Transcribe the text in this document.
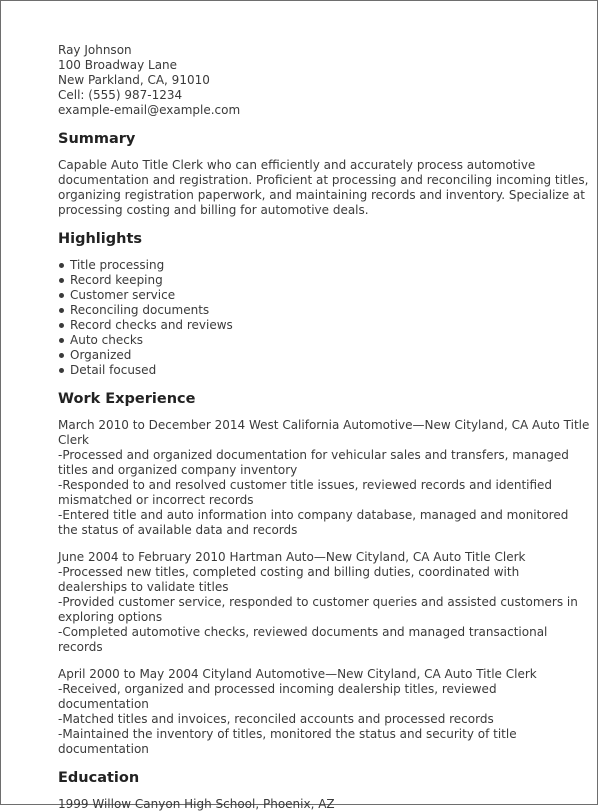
Ray Johnson
100 Broadway Lane
New Parkland, CA, 91010
Cell: (555) 987-1234
example-email@example.com
Summary
Capable Auto Title Clerk who can efficiently and accurately process automotive documentation and registration. Proficient at processing and reconciling incoming titles, organizing registration paperwork, and maintaining records and inventory. Specialize at processing costing and billing for automotive deals.
Highlights
Title processing
Record keeping
Customer service
Reconciling documents
Record checks and reviews
Auto checks
Organized
Detail focused
Work Experience
March 2010 to December 2014 West California Automotive—New Cityland, CA Auto Title Clerk
-Processed and organized documentation for vehicular sales and transfers, managed titles and organized company inventory
-Responded to and resolved customer title issues, reviewed records and identified mismatched or incorrect records
-Entered title and auto information into company database, managed and monitored the status of available data and records
June 2004 to February 2010 Hartman Auto—New Cityland, CA Auto Title Clerk
-Processed new titles, completed costing and billing duties, coordinated with dealerships to validate titles
-Provided customer service, responded to customer queries and assisted customers in exploring options
-Completed automotive checks, reviewed documents and managed transactional records
April 2000 to May 2004 Cityland Automotive—New Cityland, CA Auto Title Clerk
-Received, organized and processed incoming dealership titles, reviewed documentation
-Matched titles and invoices, reconciled accounts and processed records
-Maintained the inventory of titles, monitored the status and security of title documentation
Education
1999 Willow Canyon High School, Phoenix, AZ
